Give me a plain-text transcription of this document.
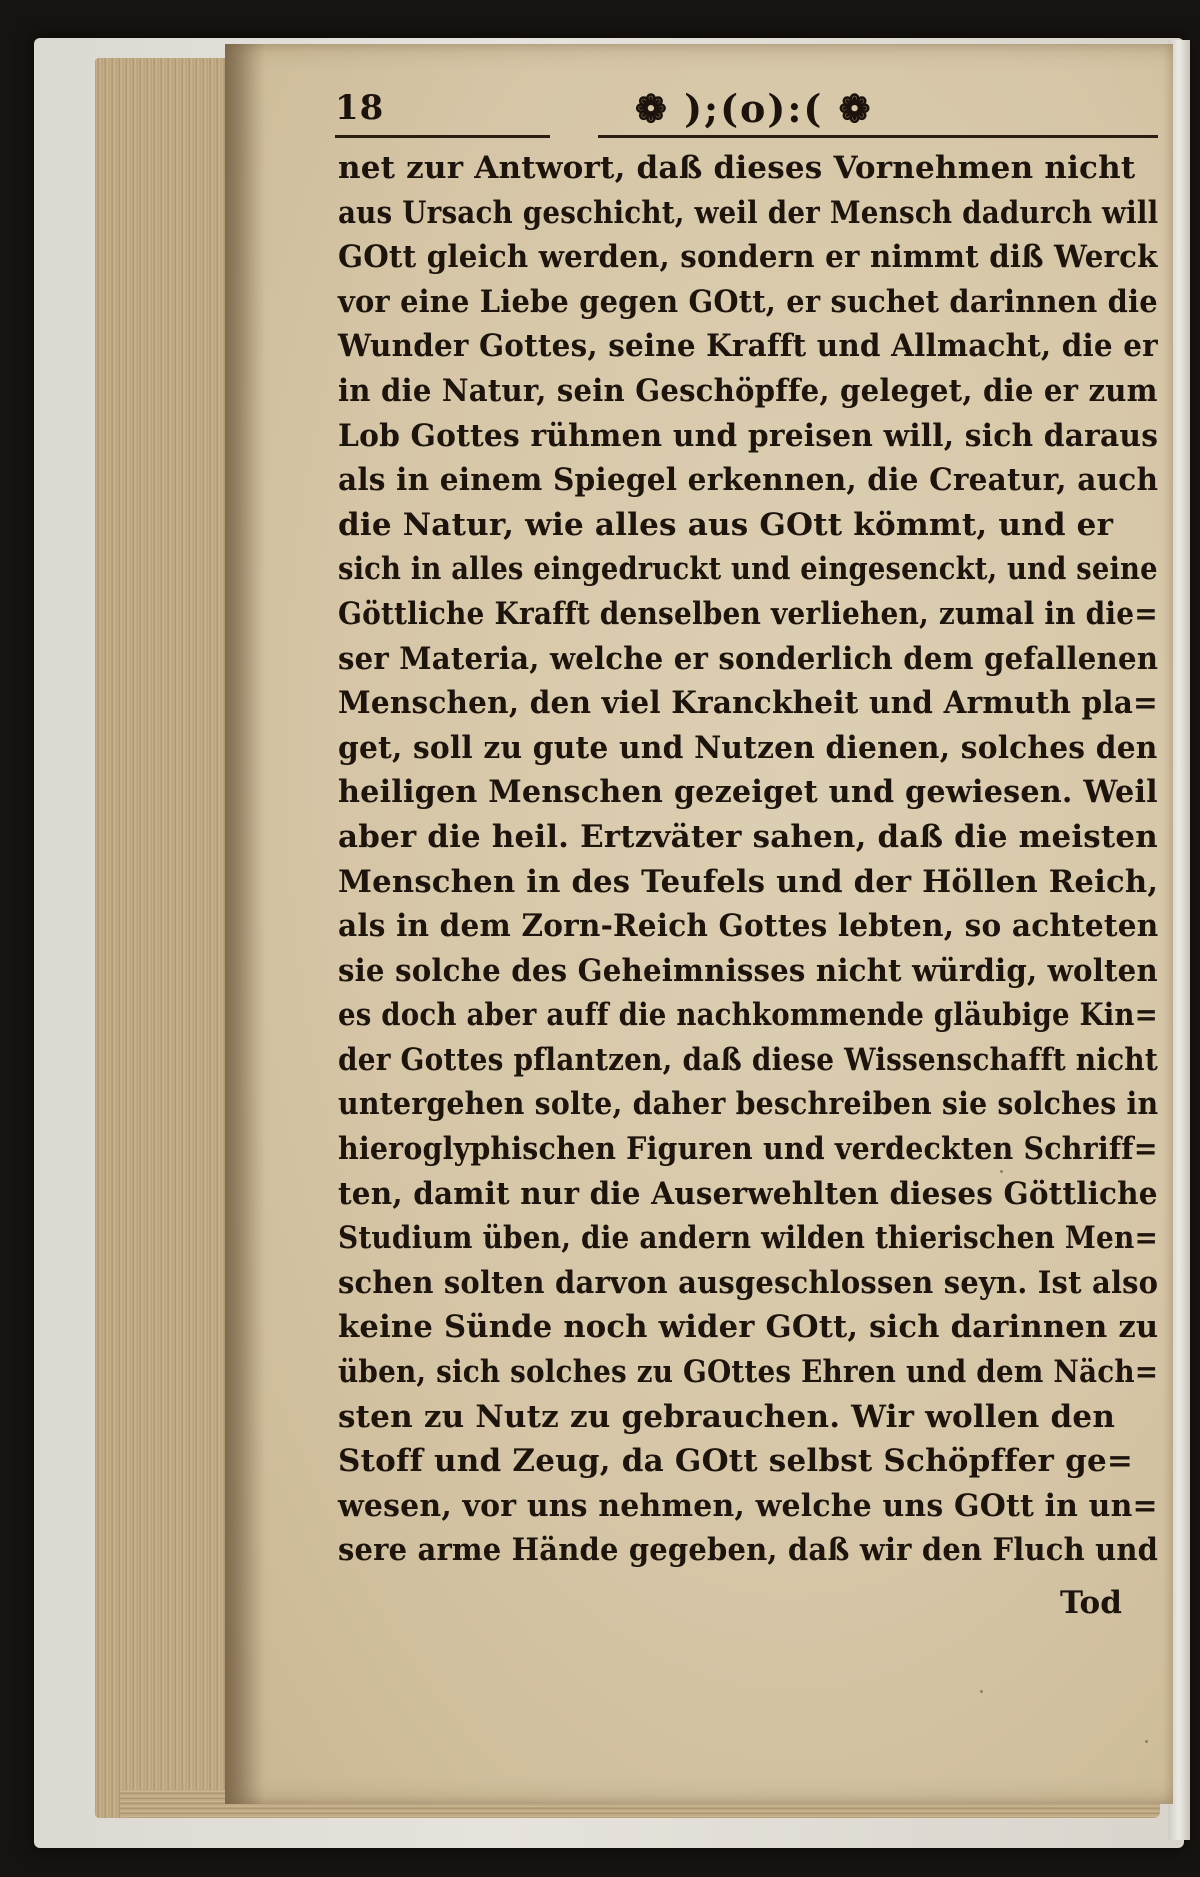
18	❁ );(o):( ❁
net zur Antwort, daß dieses Vornehmen nicht
aus Ursach geschicht, weil der Mensch dadurch will
GOtt gleich werden, sondern er nimmt diß Werck
vor eine Liebe gegen GOtt, er suchet darinnen die
Wunder Gottes, seine Krafft und Allmacht, die er
in die Natur, sein Geschöpffe, geleget, die er zum
Lob Gottes rühmen und preisen will, sich daraus
als in einem Spiegel erkennen, die Creatur, auch
die Natur, wie alles aus GOtt kömmt, und er
sich in alles eingedruckt und eingesenckt, und seine
Göttliche Krafft denselben verliehen, zumal in die=
ser Materia, welche er sonderlich dem gefallenen
Menschen, den viel Kranckheit und Armuth pla=
get, soll zu gute und Nutzen dienen, solches den
heiligen Menschen gezeiget und gewiesen. Weil
aber die heil. Ertzväter sahen, daß die meisten
Menschen in des Teufels und der Höllen Reich,
als in dem Zorn-Reich Gottes lebten, so achteten
sie solche des Geheimnisses nicht würdig, wolten
es doch aber auff die nachkommende gläubige Kin=
der Gottes pflantzen, daß diese Wissenschafft nicht
untergehen solte, daher beschreiben sie solches in
hieroglyphischen Figuren und verdeckten Schriff=
ten, damit nur die Auserwehlten dieses Göttliche
Studium üben, die andern wilden thierischen Men=
schen solten darvon ausgeschlossen seyn. Ist also
keine Sünde noch wider GOtt, sich darinnen zu
üben, sich solches zu GOttes Ehren und dem Näch=
sten zu Nutz zu gebrauchen. Wir wollen den
Stoff und Zeug, da GOtt selbst Schöpffer ge=
wesen, vor uns nehmen, welche uns GOtt in un=
sere arme Hände gegeben, daß wir den Fluch und
Tod
